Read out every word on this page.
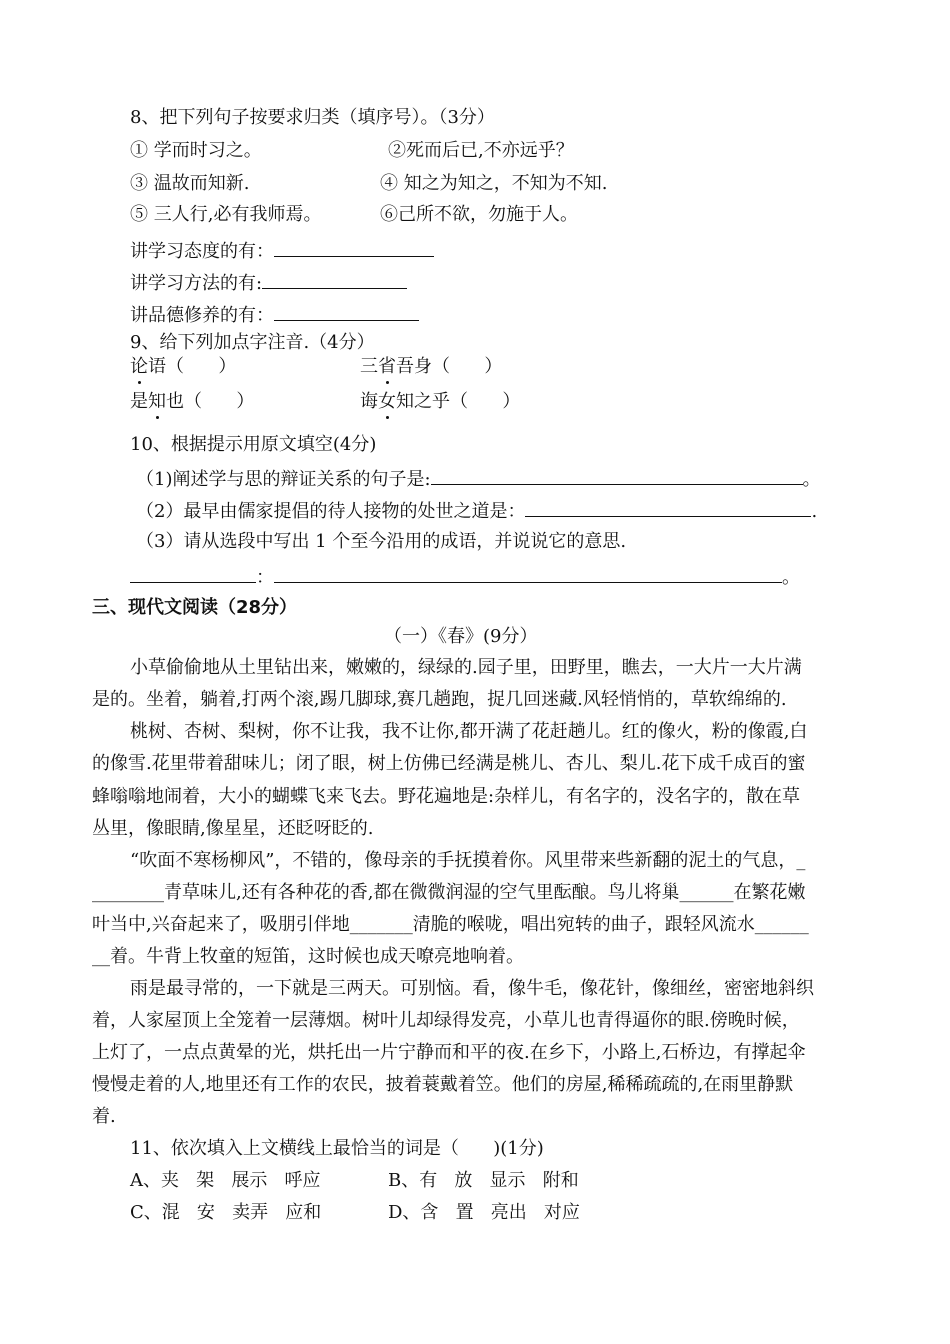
8、把下列句子按要求归类（填序号）。（3分）
① 学而时习之。	②死而后已,不亦远乎？
③ 温故而知新.	④ 知之为知之，不知为不知.
⑤ 三人行,必有我师焉。	⑥己所不欲，勿施于人。
讲学习态度的有：
讲学习方法的有:
讲品德修养的有：
9、给下列加点字注音.（4分）
论语（      ）	三省吾身（      ）
是知也（      ）	诲女知之乎（      ）
10、根据提示用原文填空(4分)
（1)阐述学与思的辩证关系的句子是:	。
（2）最早由儒家提倡的待人接物的处世之道是：	.
（3）请从选段中写出 1 个至今沿用的成语，并说说它的意思.
：	。
三、现代文阅读（28分）
（一）《春》(9分）
小草偷偷地从土里钻出来，嫩嫩的，绿绿的.园子里，田野里，瞧去，一大片一大片满
是的。坐着，躺着,打两个滚,踢几脚球,赛几趟跑，捉几回迷藏.风轻悄悄的，草软绵绵的.
桃树、杏树、梨树，你不让我，我不让你,都开满了花赶趟儿。红的像火，粉的像霞,白
的像雪.花里带着甜味儿；闭了眼，树上仿佛已经满是桃儿、杏儿、梨儿.花下成千成百的蜜
蜂嗡嗡地闹着，大小的蝴蝶飞来飞去。野花遍地是:杂样儿，有名字的，没名字的，散在草
丛里，像眼睛,像星星，还眨呀眨的.
“吹面不寒杨柳风”，不错的，像母亲的手抚摸着你。风里带来些新翻的泥土的气息，_
________青草味儿,还有各种花的香,都在微微润湿的空气里酝酿。鸟儿将巢______在繁花嫩
叶当中,兴奋起来了，吸朋引伴地_______清脆的喉咙，唱出宛转的曲子，跟轻风流水______
__着。牛背上牧童的短笛，这时候也成天嘹亮地响着。
雨是最寻常的，一下就是三两天。可别恼。看，像牛毛，像花针，像细丝，密密地斜织
着，人家屋顶上全笼着一层薄烟。树叶儿却绿得发亮，小草儿也青得逼你的眼.傍晚时候，
上灯了，一点点黄晕的光，烘托出一片宁静而和平的夜.在乡下，小路上,石桥边，有撑起伞
慢慢走着的人,地里还有工作的农民，披着蓑戴着笠。他们的房屋,稀稀疏疏的,在雨里静默
着.
11、依次填入上文横线上最恰当的词是（      )(1分)
A、夹   架   展示   呼应	B、有   放   显示   附和
C、混   安   卖弄   应和	D、含   置   亮出   对应
